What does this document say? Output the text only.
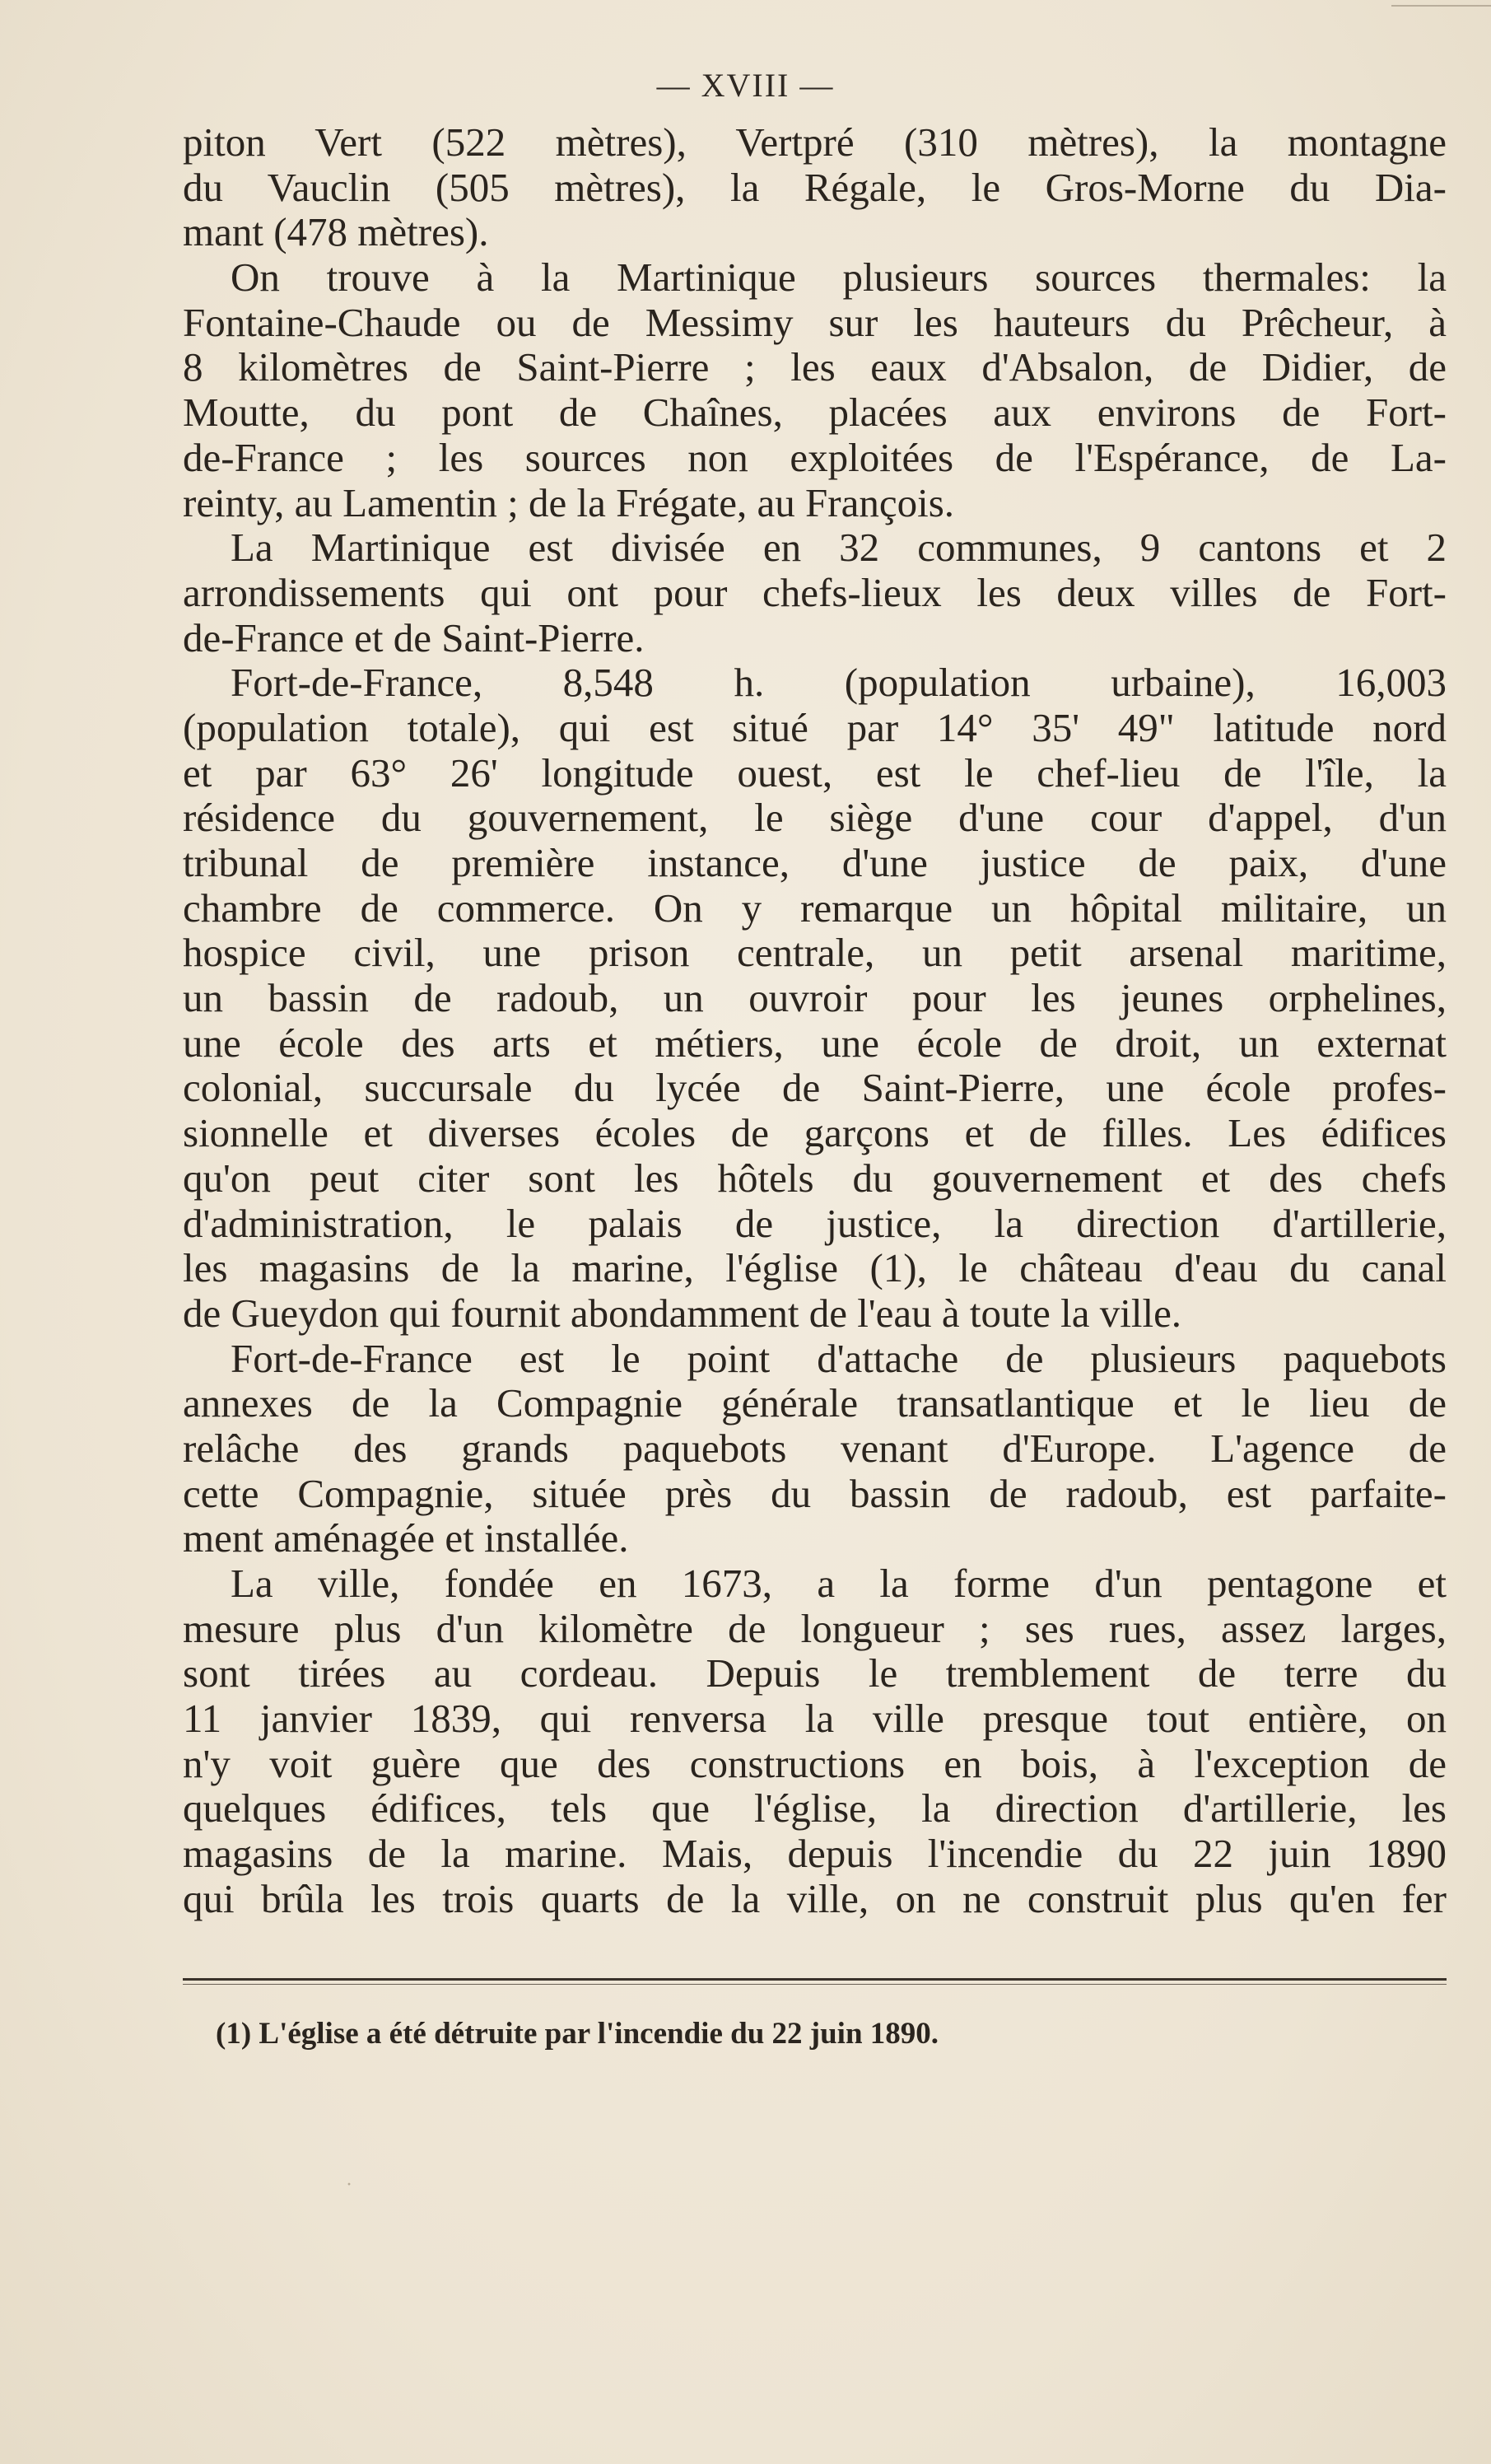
— XVIII —
piton Vert (522 mètres), Vertpré (310 mètres), la montagne
du Vauclin (505 mètres), la Régale, le Gros-Morne du Dia-
mant (478 mètres).
On trouve à la Martinique plusieurs sources thermales: la
Fontaine-Chaude ou de Messimy sur les hauteurs du Prêcheur, à
8 kilomètres de Saint-Pierre ; les eaux d'Absalon, de Didier, de
Moutte, du pont de Chaînes, placées aux environs de Fort-
de-France ; les sources non exploitées de l'Espérance, de La-
reinty, au Lamentin ; de la Frégate, au François.
La Martinique est divisée en 32 communes, 9 cantons et 2
arrondissements qui ont pour chefs-lieux les deux villes de Fort-
de-France et de Saint-Pierre.
Fort-de-France, 8,548 h. (population urbaine), 16,003
(population totale), qui est situé par 14° 35' 49" latitude nord
et par 63° 26' longitude ouest, est le chef-lieu de l'île, la
résidence du gouvernement, le siège d'une cour d'appel, d'un
tribunal de première instance, d'une justice de paix, d'une
chambre de commerce. On y remarque un hôpital militaire, un
hospice civil, une prison centrale, un petit arsenal maritime,
un bassin de radoub, un ouvroir pour les jeunes orphelines,
une école des arts et métiers, une école de droit, un externat
colonial, succursale du lycée de Saint-Pierre, une école profes-
sionnelle et diverses écoles de garçons et de filles. Les édifices
qu'on peut citer sont les hôtels du gouvernement et des chefs
d'administration, le palais de justice, la direction d'artillerie,
les magasins de la marine, l'église (1), le château d'eau du canal
de Gueydon qui fournit abondamment de l'eau à toute la ville.
Fort-de-France est le point d'attache de plusieurs paquebots
annexes de la Compagnie générale transatlantique et le lieu de
relâche des grands paquebots venant d'Europe. L'agence de
cette Compagnie, située près du bassin de radoub, est parfaite-
ment aménagée et installée.
La ville, fondée en 1673, a la forme d'un pentagone et
mesure plus d'un kilomètre de longueur ; ses rues, assez larges,
sont tirées au cordeau. Depuis le tremblement de terre du
11 janvier 1839, qui renversa la ville presque tout entière, on
n'y voit guère que des constructions en bois, à l'exception de
quelques édifices, tels que l'église, la direction d'artillerie, les
magasins de la marine. Mais, depuis l'incendie du 22 juin 1890
qui brûla les trois quarts de la ville, on ne construit plus qu'en fer
(1) L'église a été détruite par l'incendie du 22 juin 1890.
·
